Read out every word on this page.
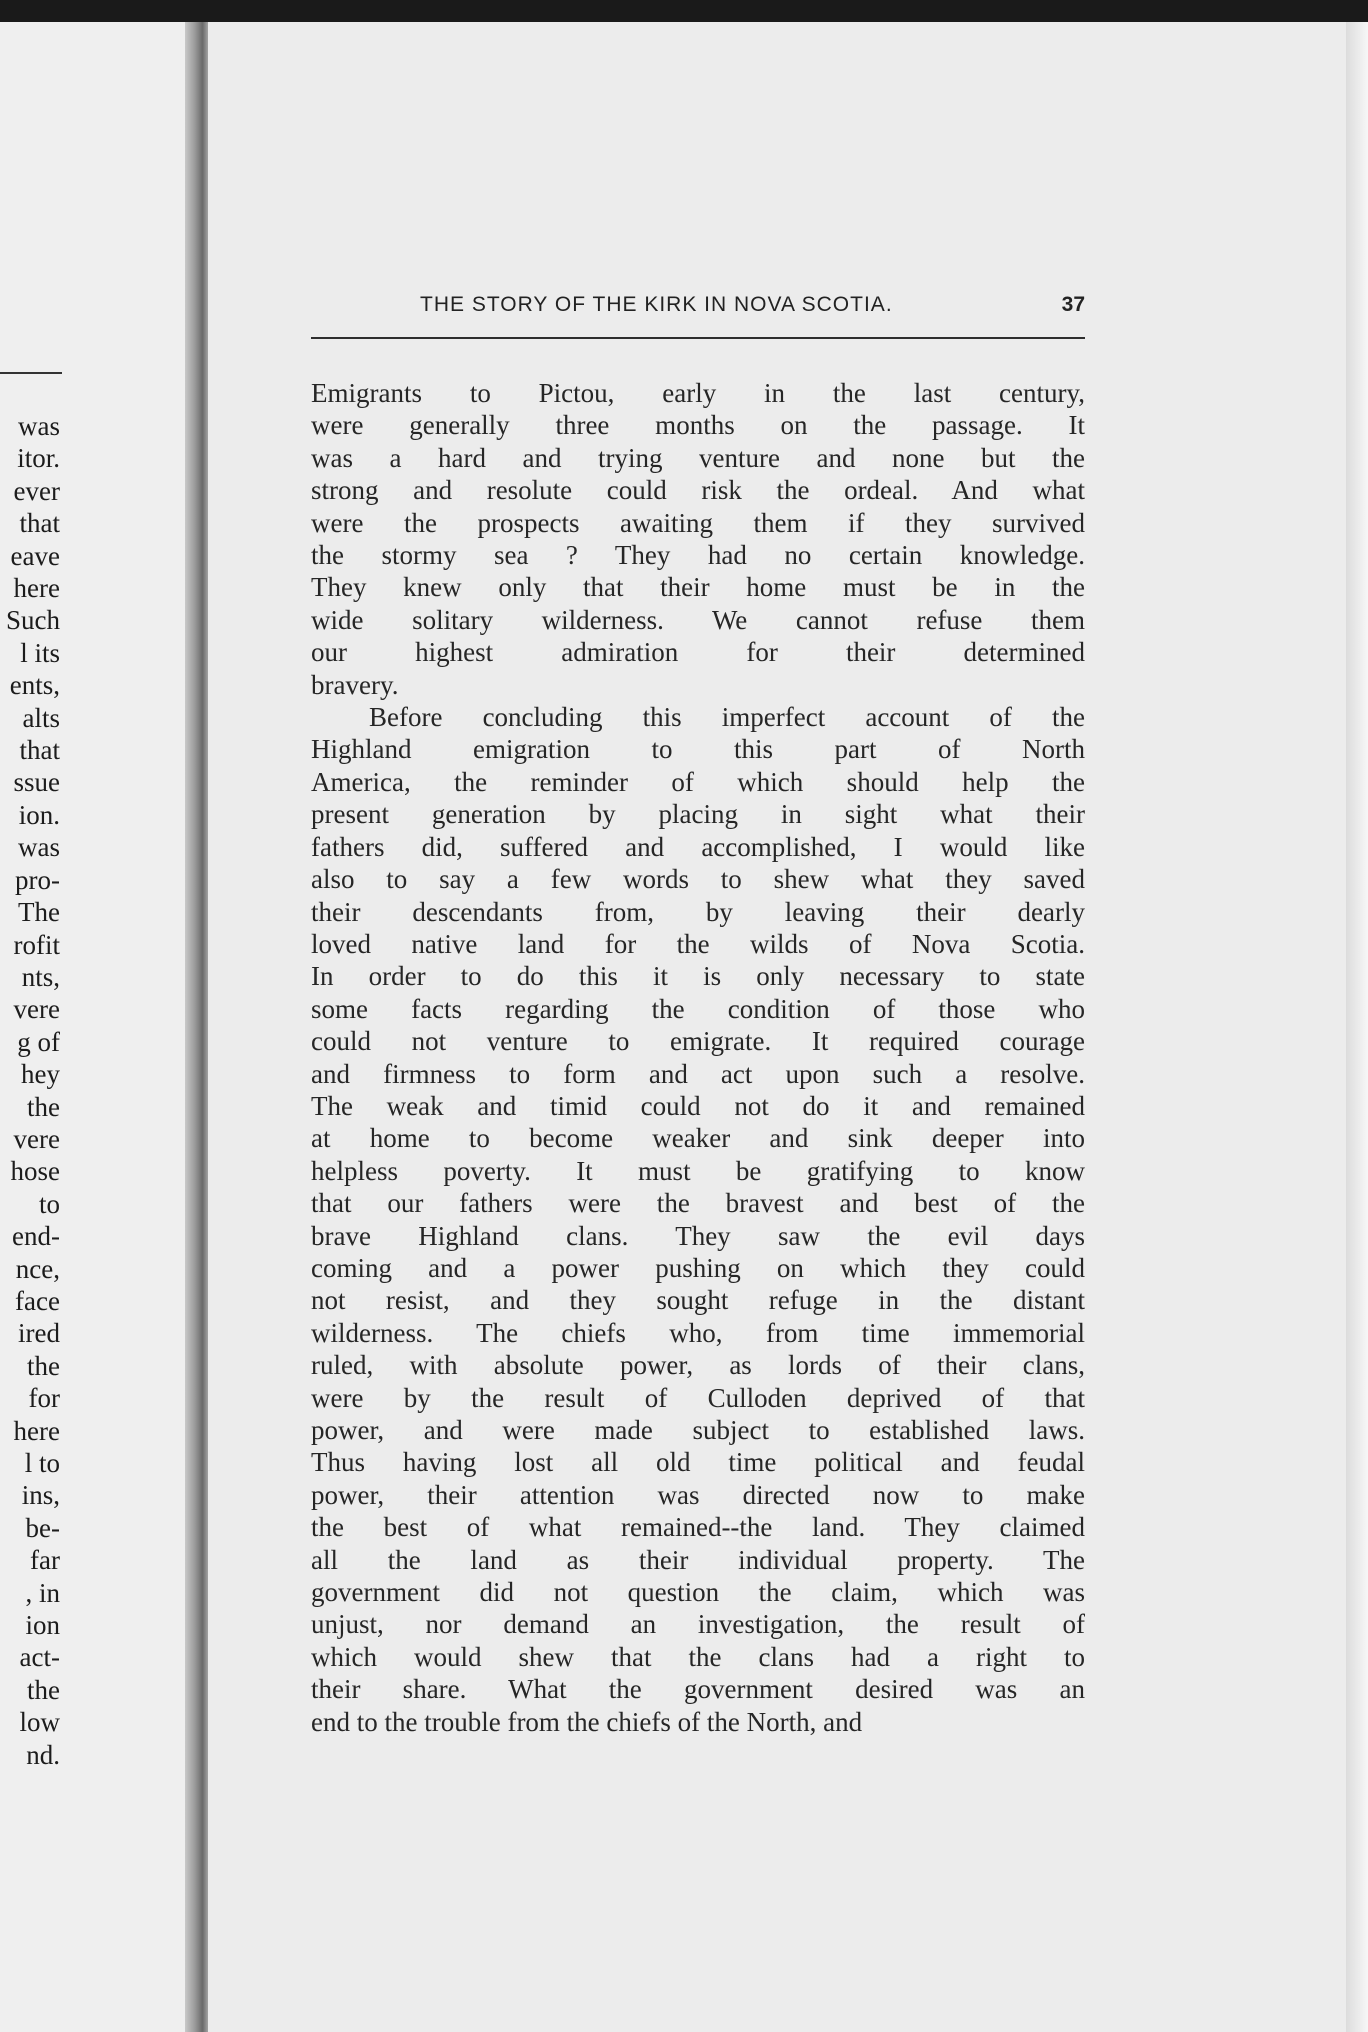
was
itor.
ever
that
eave
here
Such
l its
ents,
alts
that
ssue
ion.
was
pro-
The
rofit
nts,
vere
g of
hey
the
vere
hose
to
end-
nce,
face
ired
the
for
here
l to
ins,
be-
far
, in
ion
act-
the
low
nd.
THE STORY OF THE KIRK IN NOVA SCOTIA.	37

Emigrants to Pictou, early in the last century,
were generally three months on the passage. It
was a hard and trying venture and none but the
strong and resolute could risk the ordeal. And what
were the prospects awaiting them if they survived
the stormy sea ? They had no certain knowledge.
They knew only that their home must be in the
wide solitary wilderness. We cannot refuse them
our highest admiration for their determined
bravery.

Before concluding this imperfect account of the
Highland emigration to this part of North
America, the reminder of which should help the
present generation by placing in sight what their
fathers did, suffered and accomplished, I would like
also to say a few words to shew what they saved
their descendants from, by leaving their dearly
loved native land for the wilds of Nova Scotia.
In order to do this it is only necessary to state
some facts regarding the condition of those who
could not venture to emigrate. It required courage
and firmness to form and act upon such a resolve.
The weak and timid could not do it and remained
at home to become weaker and sink deeper into
helpless poverty. It must be gratifying to know
that our fathers were the bravest and best of the
brave Highland clans. They saw the evil days
coming and a power pushing on which they could
not resist, and they sought refuge in the distant
wilderness. The chiefs who, from time immemorial
ruled, with absolute power, as lords of their clans,
were by the result of Culloden deprived of that
power, and were made subject to established laws.
Thus having lost all old time political and feudal
power, their attention was directed now to make
the best of what remained--the land. They claimed
all the land as their individual property. The
government did not question the claim, which was
unjust, nor demand an investigation, the result of
which would shew that the clans had a right to
their share. What the government desired was an
end to the trouble from the chiefs of the North, and
